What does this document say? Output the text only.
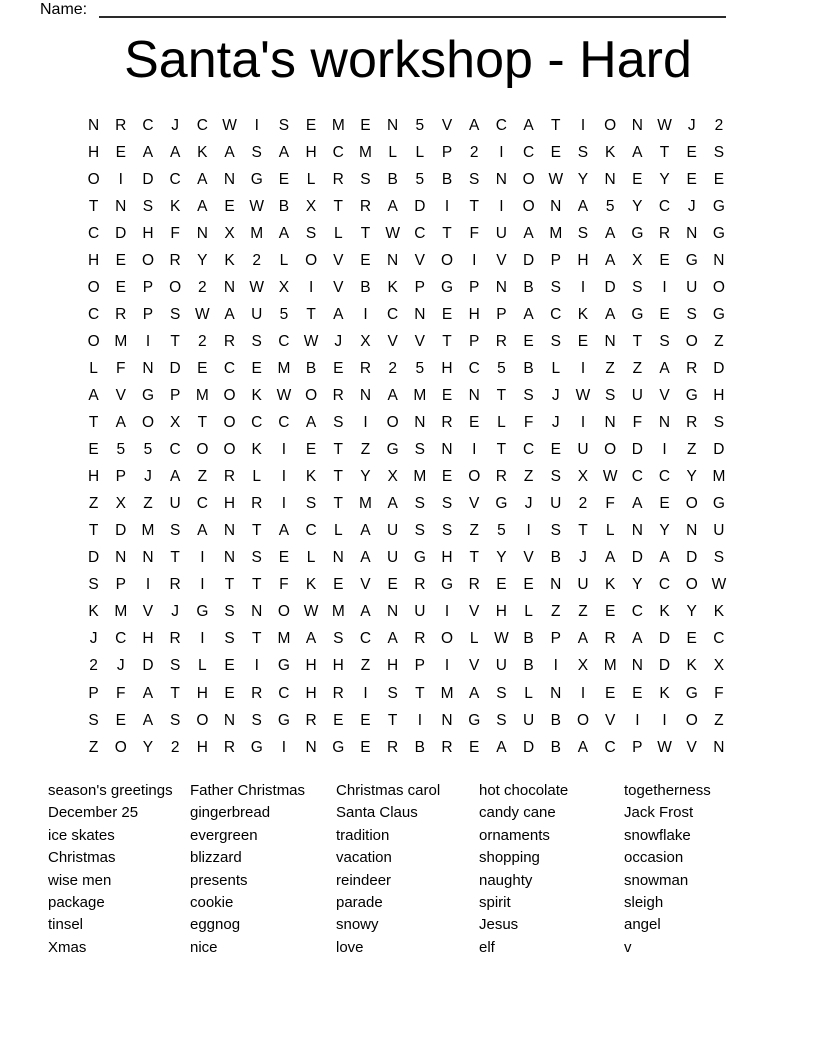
Name:
Santa's workshop - Hard
N	R	C	J	C W	I	S	E	M	E	N	5	V	A	C	A	T	I	O	N W	J	2
H	E	A	A	K	A	S	A	H	C M	L	L	P	2	I	C	E	S	K	A	T	E	S
O	I	D	C	A	N	G	E	L	R	S	B	5	B	S	N	O W Y	N	E	Y	E	E
T	N	S	K	A	E W B	X	T	R	A	D	I	T	I	O	N	A	5	Y	C	J	G
C	D	H	F	N	X	M	A	S	L	T W C	T	F	U	A	M	S	A	G	R	N	G
H	E	O	R	Y	K	2	L	O	V	E	N	V	O	I	V	D	P	H	A	X	E	G	N
O	E	P	O	2	N W X	I	V	B	K	P	G	P	N	B	S	I	D	S	I	U	O
C	R	P	S W A	U	5	T	A	I	C	N	E	H	P	A	C	K	A	G	E	S	G
O M	I	T	2	R	S	C W	J	X	V	V	T	P	R	E	S	E	N	T	S	O	Z
L	F	N	D	E	C	E	M	B	E	R	2	5	H	C	5	B	L	I	Z	Z	A	R	D
A	V	G	P	M O	K W O	R	N	A	M	E	N	T	S	J	W S	U	V	G	H
T	A	O	X	T	O	C	C	A	S	I	O	N	R	E	L	F	J	I	N	F	N	R	S
E	5	5	C	O O	K	I	E	T	Z	G	S	N	I	T	C	E	U	O	D	I	Z	D
H	P	J	A	Z	R	L	I	K	T	Y	X	M	E	O	R	Z	S	X W C	C	Y	M
Z	X	Z	U	C	H	R	I	S	T	M	A	S	S	V	G	J	U	2	F	A	E	O G
T	D M	S	A	N	T	A	C	L	A	U	S	S	Z	5	I	S	T	L	N	Y	N	U
D	N	N	T	I	N	S	E	L	N	A	U	G	H	T	Y	V	B	J	A	D	A	D	S
S	P	I	R	I	T	T	F	K	E	V	E	R	G	R	E	E	N	U	K	Y	C	O W
K	M	V	J	G	S	N	O W M	A	N	U	I	V	H	L	Z	Z	E	C	K	Y	K
J	C	H	R	I	S	T	M	A	S	C	A	R	O	L	W B	P	A	R	A	D	E	C
2	J	D	S	L	E	I	G	H	H	Z	H	P	I	V	U	B	I	X	M N	D	K	X
P	F	A	T	H	E	R	C	H	R	I	S	T	M	A	S	L	N	I	E	E	K	G	F
S	E	A	S	O	N	S	G	R	E	E	T	I	N	G	S	U	B	O	V	I	I	O	Z
Z	O	Y	2	H	R	G	I	N	G	E	R	B	R	E	A	D	B	A	C	P W V	N
season's greetings
December 25
ice skates
Christmas
wise men
package
tinsel
Xmas
Father Christmas
gingerbread
evergreen
blizzard
presents
cookie
eggnog
nice
Christmas carol
Santa Claus
tradition
vacation
reindeer
parade
snowy
love
hot chocolate
candy cane
ornaments
shopping
naughty
spirit
Jesus
elf
togetherness
Jack Frost
snowflake
occasion
snowman
sleigh
angel
v
